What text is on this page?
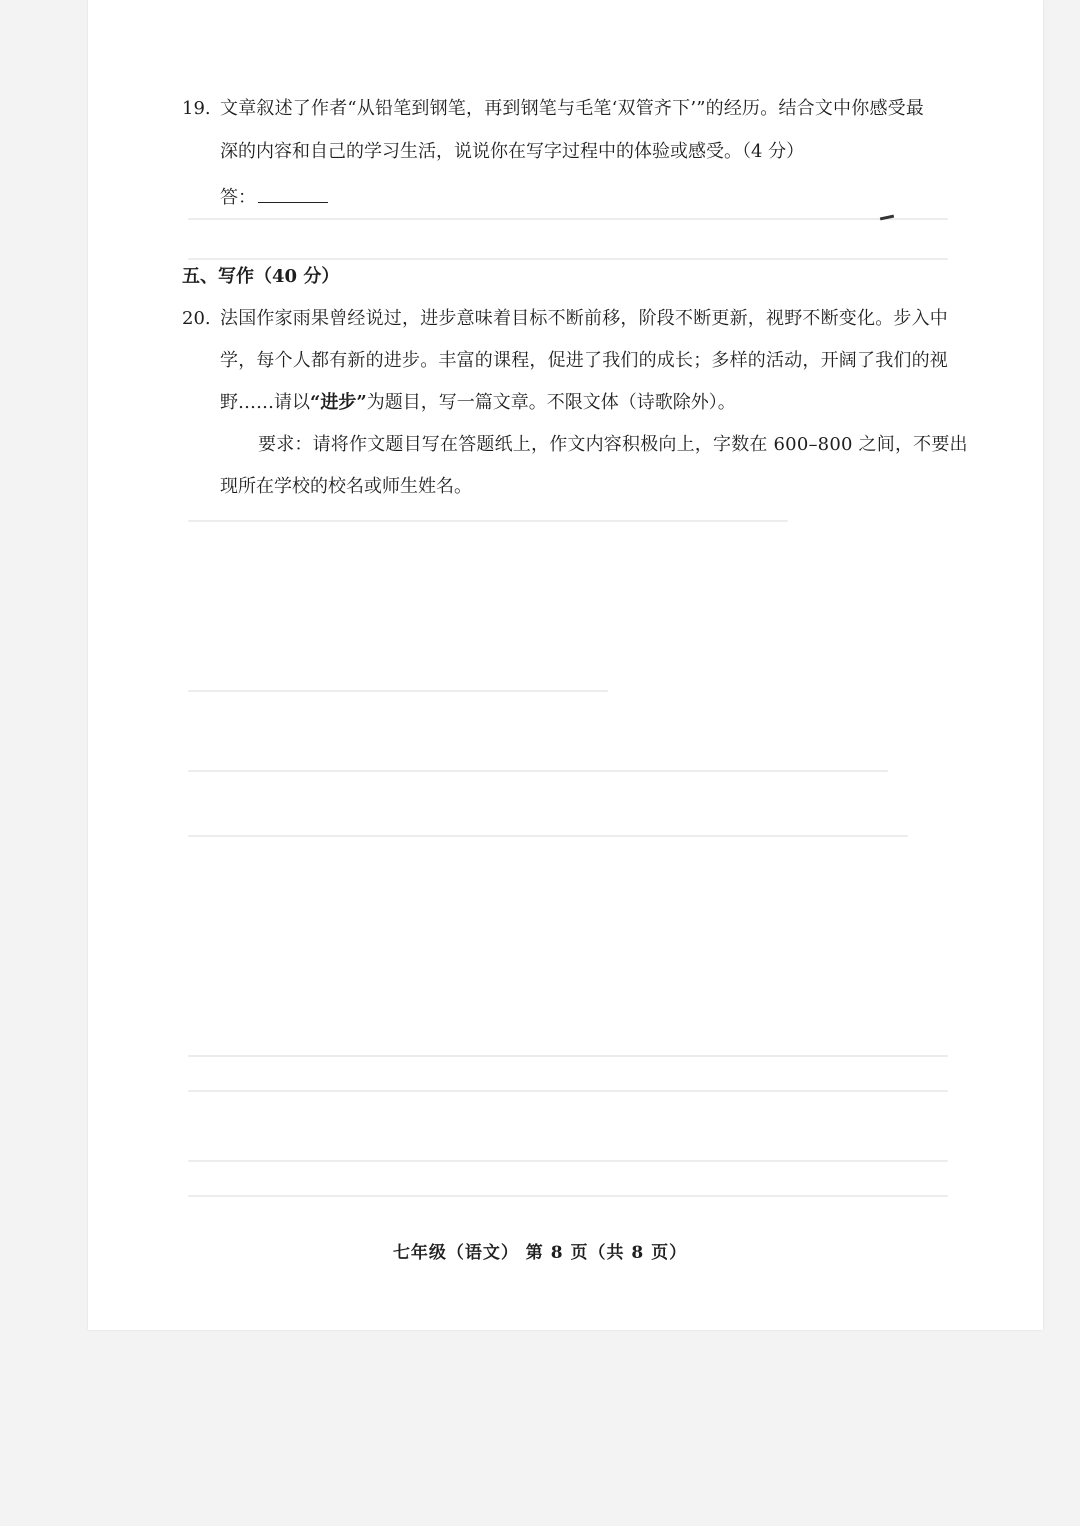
19. 文章叙述了作者“从铅笔到钢笔，再到钢笔与毛笔‘双管齐下’”的经历。结合文中你感受最
深的内容和自己的学习生活，说说你在写字过程中的体验或感受。（4 分）
答：
五、写作（40 分）
20. 法国作家雨果曾经说过，进步意味着目标不断前移，阶段不断更新，视野不断变化。步入中
学，每个人都有新的进步。丰富的课程，促进了我们的成长；多样的活动，开阔了我们的视
野……请以“进步”为题目，写一篇文章。不限文体（诗歌除外）。
要求：请将作文题目写在答题纸上，作文内容积极向上，字数在 600–800 之间，不要出
现所在学校的校名或师生姓名。
七年级（语文） 第 8 页（共 8 页）
